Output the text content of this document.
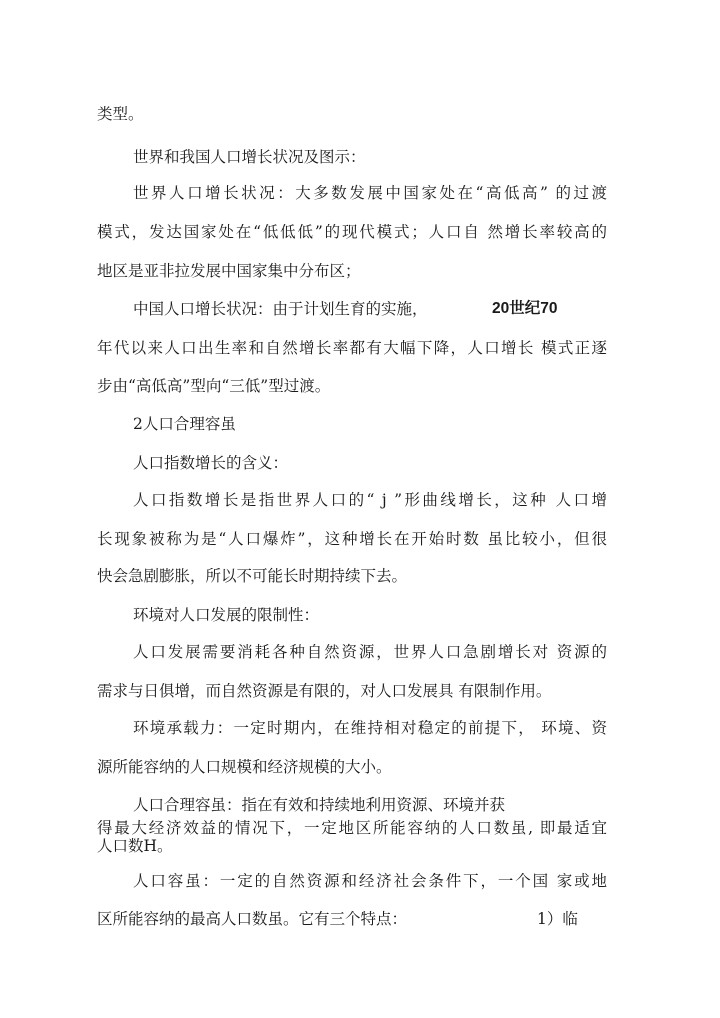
类型。
世界和我国人口增长状况及图示：
世界人口增长状况：大多数发展中国家处在“高低高” 的过渡
模式，发达国家处在“低低低”的现代模式；人口自 然增长率较高的
地区是亚非拉发展中国家集中分布区；
中国人口增长状况：由于计划生育的实施，	20世纪70
年代以来人口出生率和自然增长率都有大幅下降，人口增长 模式正逐
步由“高低高”型向“三低”型过渡。
2人口合理容虽
人口指数增长的含义：
人口指数增长是指世界人口的“ j ”形曲线增长，这种 人口增
长现象被称为是“人口爆炸”，这种增长在开始时数 虽比较小，但很
快会急剧膨胀，所以不可能长时期持续下去。
环境对人口发展的限制性：
人口发展需要消耗各种自然资源，世界人口急剧增长对 资源的
需求与日俱增，而自然资源是有限的，对人口发展具 有限制作用。
环境承载力：一定时期内，在维持相对稳定的前提下， 环境、资
源所能容纳的人口规模和经济规模的大小。
人口合理容虽：指在有效和持续地利用资源、环境并获
得最大经济效益的情况下，一定地区所能容纳的人口数虽, 即最适宜
人口数H。
人口容虽：一定的自然资源和经济社会条件下，一个国 家或地
区所能容纳的最高人口数虽。它有三个特点：	1）临
